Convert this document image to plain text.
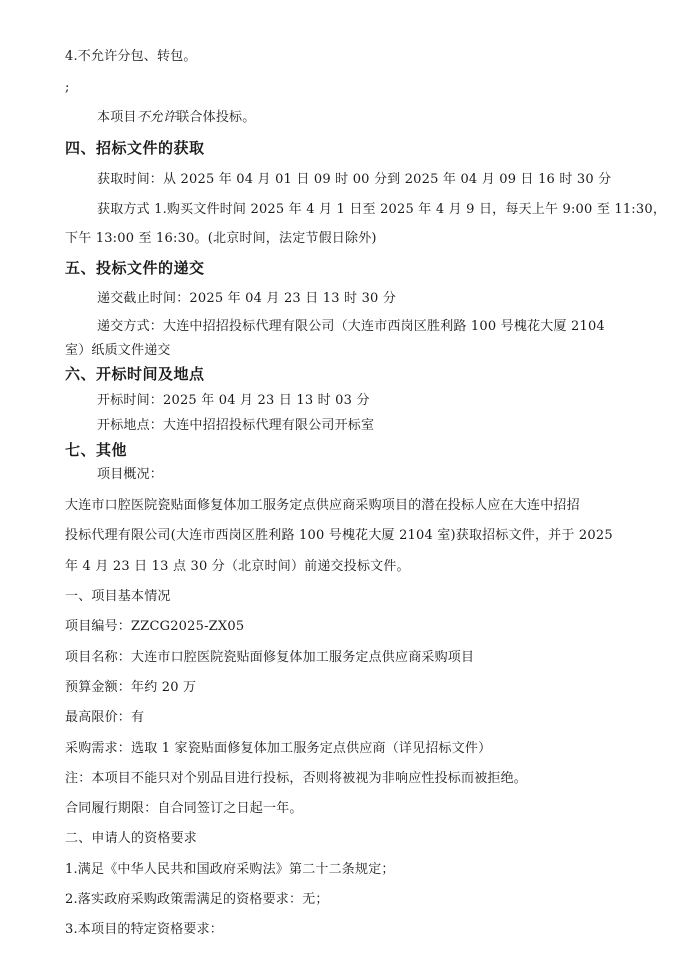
4.不允许分包、转包。
;
本项目不允许联合体投标。
四、招标文件的获取
获取时间：从 2025 年 04 月 01 日 09 时 00 分到 2025 年 04 月 09 日 16 时 30 分
获取方式 1.购买文件时间 2025 年 4 月 1 日至 2025 年 4 月 9 日，每天上午 9:00 至 11:30，
下午 13:00 至 16:30。(北京时间，法定节假日除外)
五、投标文件的递交
递交截止时间：2025 年 04 月 23 日 13 时 30 分
递交方式：大连中招招投标代理有限公司（大连市西岗区胜利路 100 号槐花大厦 2104
室）纸质文件递交
六、开标时间及地点
开标时间：2025 年 04 月 23 日 13 时 03 分
开标地点：大连中招招投标代理有限公司开标室
七、其他
项目概况：
大连市口腔医院瓷贴面修复体加工服务定点供应商采购项目的潜在投标人应在大连中招招
投标代理有限公司(大连市西岗区胜利路 100 号槐花大厦 2104 室)获取招标文件，并于 2025
年 4 月 23 日 13 点 30 分（北京时间）前递交投标文件。
一、项目基本情况
项目编号：ZZCG2025-ZX05
项目名称：大连市口腔医院瓷贴面修复体加工服务定点供应商采购项目
预算金额：年约 20 万
最高限价：有
采购需求：选取 1 家瓷贴面修复体加工服务定点供应商（详见招标文件）
注：本项目不能只对个别品目进行投标，否则将被视为非响应性投标而被拒绝。
合同履行期限：自合同签订之日起一年。
二、申请人的资格要求
1.满足《中华人民共和国政府采购法》第二十二条规定；
2.落实政府采购政策需满足的资格要求：无；
3.本项目的特定资格要求：
